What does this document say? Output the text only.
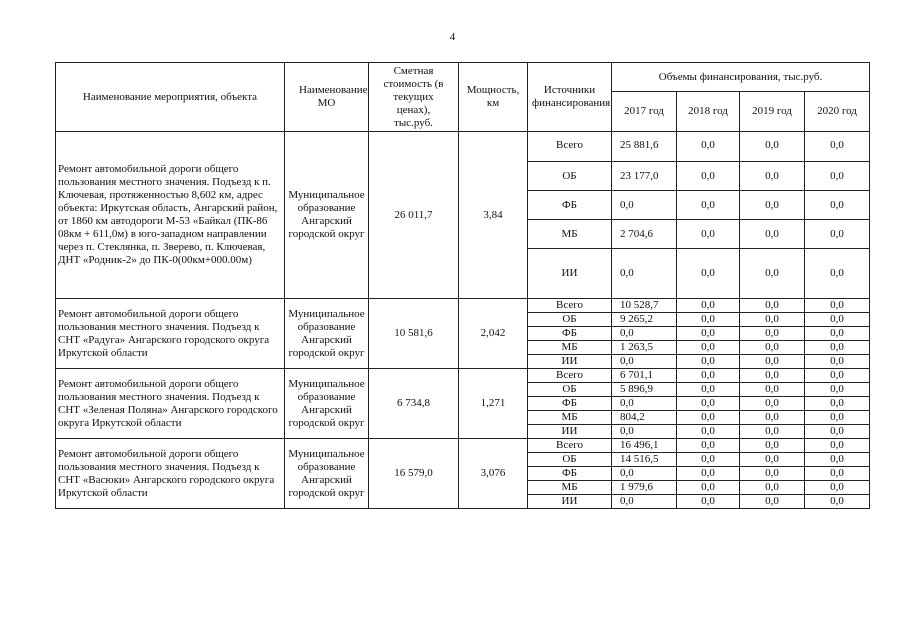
4
Наименование мероприятия, объекта	Наименование МО	Сметная стоимость (в текущих ценах), тыс.руб.	Мощность, км	Источники финансирования	Объемы финансирования, тыс.руб.			
					2017 год	2018 год	2019 год	2020 год
Ремонт автомобильной дороги общего пользования местного значения. Подъезд к п. Ключевая, протяженностью 8,602 км, адрес объекта: Иркутская область, Ангарский район, от 1860 км автодороги М-53 «Байкал (ПК-86 08км + 611,0м) в юго-западном направлении через п. Стеклянка, п. Зверево, п. Ключевая, ДНТ «Родник-2» до ПК-0(00км+000.00м)	Муниципальное образование Ангарский городской округ	26 011,7	3,84	Всего	25 881,6	0,0	0,0	0,0
				ОБ	23 177,0	0,0	0,0	0,0
				ФБ	0,0	0,0	0,0	0,0
				МБ	2 704,6	0,0	0,0	0,0
				ИИ	0,0	0,0	0,0	0,0
Ремонт автомобильной дороги общего пользования местного значения. Подъезд к СНТ «Радуга» Ангарского городского округа Иркутской области	Муниципальное образование Ангарский городской округ	10 581,6	2,042	Всего	10 528,7	0,0	0,0	0,0
				ОБ	9 265,2	0,0	0,0	0,0
				ФБ	0,0	0,0	0,0	0,0
				МБ	1 263,5	0,0	0,0	0,0
				ИИ	0,0	0,0	0,0	0,0
Ремонт автомобильной дороги общего пользования местного значения. Подъезд к СНТ «Зеленая Поляна» Ангарского городского округа Иркутской области	Муниципальное образование Ангарский городской округ	6 734,8	1,271	Всего	6 701,1	0,0	0,0	0,0
				ОБ	5 896,9	0,0	0,0	0,0
				ФБ	0,0	0,0	0,0	0,0
				МБ	804,2	0,0	0,0	0,0
				ИИ	0,0	0,0	0,0	0,0
Ремонт автомобильной дороги общего пользования местного значения. Подъезд к СНТ «Васюки» Ангарского городского округа Иркутской области	Муниципальное образование Ангарский городской округ	16 579,0	3,076	Всего	16 496,1	0,0	0,0	0,0
				ОБ	14 516,5	0,0	0,0	0,0
				ФБ	0,0	0,0	0,0	0,0
				МБ	1 979,6	0,0	0,0	0,0
				ИИ	0,0	0,0	0,0	0,0
